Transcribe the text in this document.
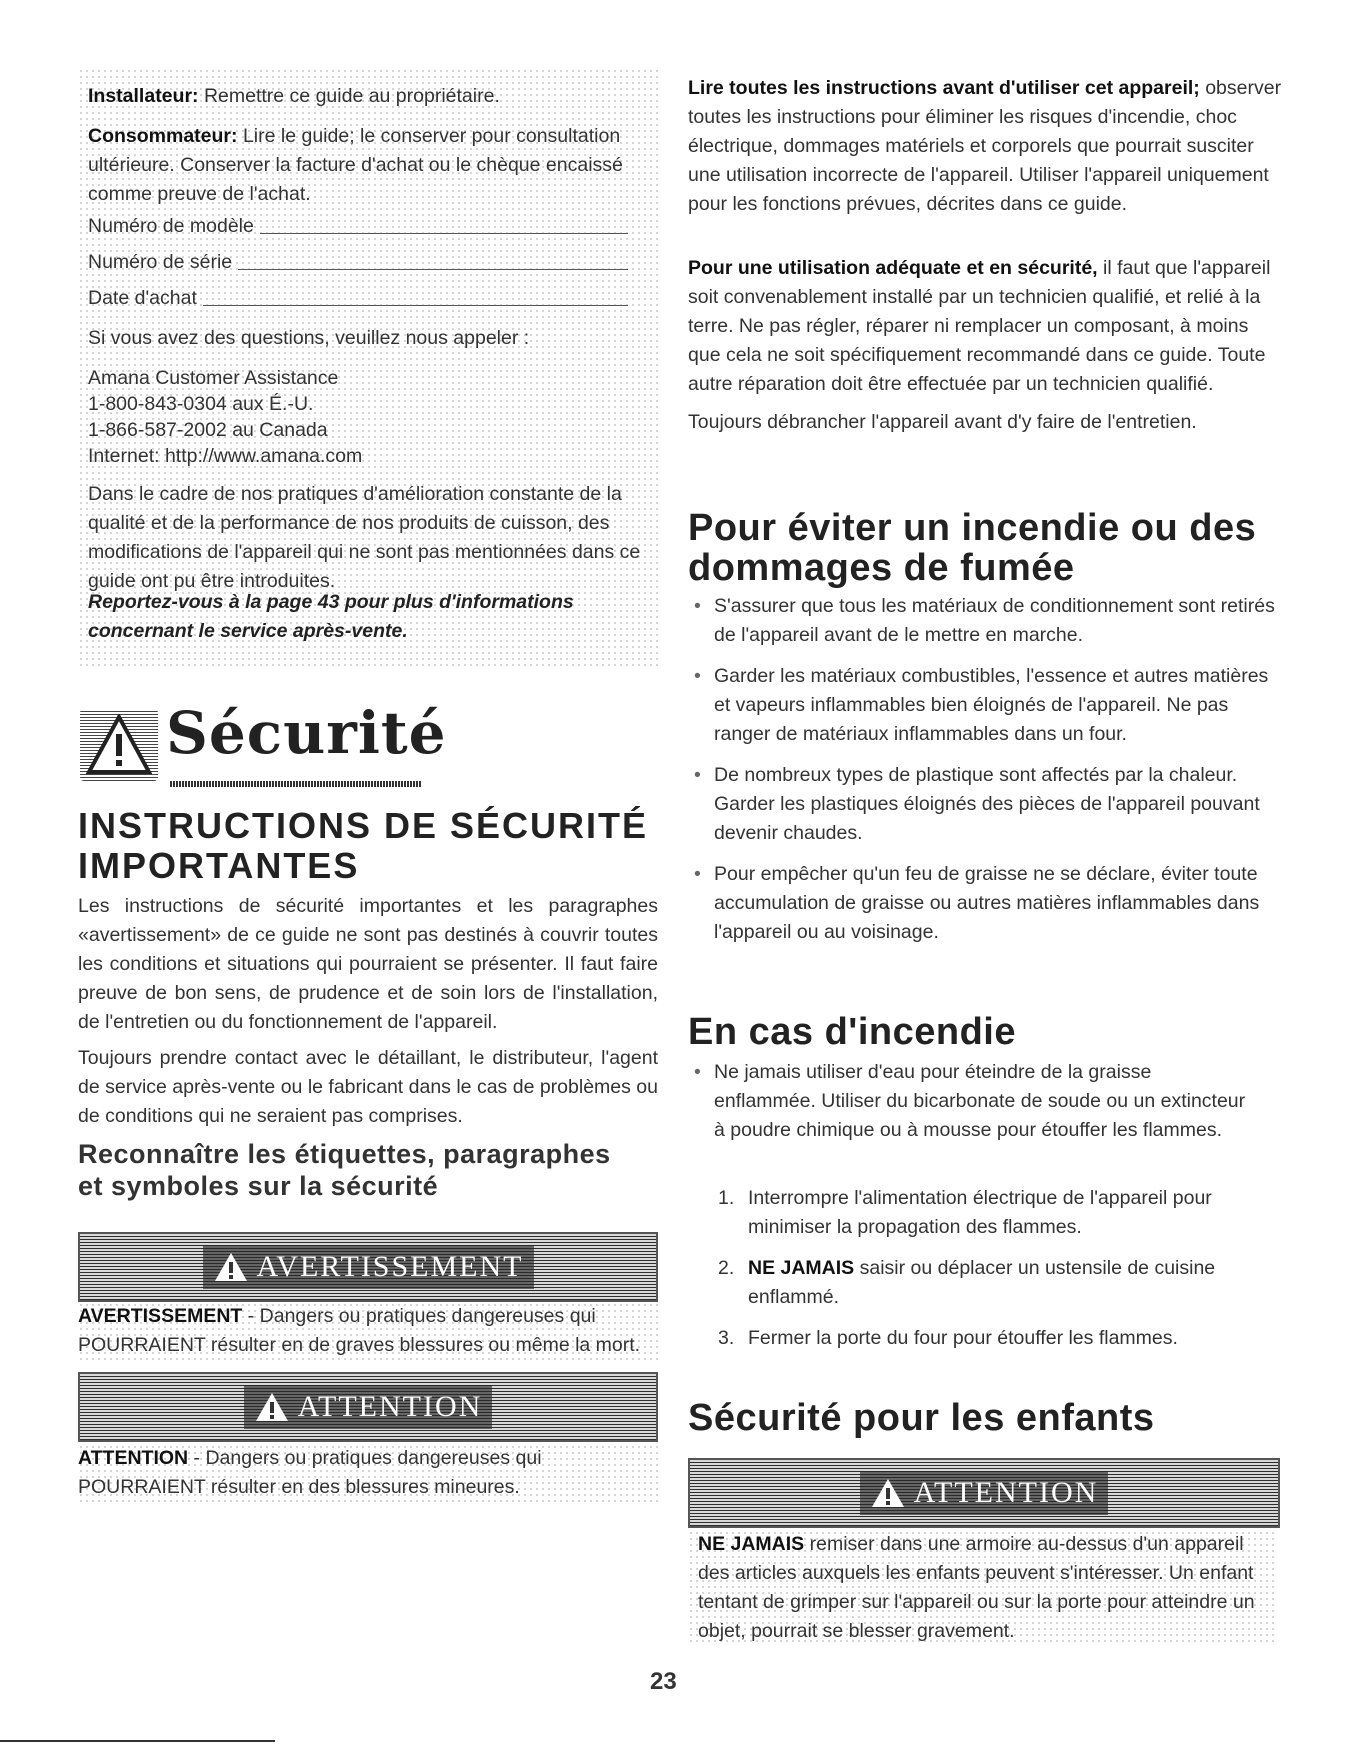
Installateur: Remettre ce guide au propriétaire.
Consommateur: Lire le guide; le conserver pour consultation ultérieure. Conserver la facture d'achat ou le chèque encaissé comme preuve de l'achat.
Numéro de modèle
Numéro de série
Date d'achat
Si vous avez des questions, veuillez nous appeler :
Amana Customer Assistance
1-800-843-0304 aux É.-U.
1-866-587-2002 au Canada
Internet: http://www.amana.com
Dans le cadre de nos pratiques d'amélioration constante de la qualité et de la performance de nos produits de cuisson, des modifications de l'appareil qui ne sont pas mentionnées dans ce guide ont pu être introduites.
Reportez-vous à la page 43 pour plus d'informations
concernant le service après-vente.
Sécurité
INSTRUCTIONS DE SÉCURITÉ
IMPORTANTES
Les instructions de sécurité importantes et les paragraphes «avertissement» de ce guide ne sont pas destinés à couvrir toutes les conditions et situations qui pourraient se présenter. Il faut faire preuve de bon sens, de prudence et de soin lors de l'installation, de l'entretien ou du fonctionnement de l'appareil.
Toujours prendre contact avec le détaillant, le distributeur, l'agent de service après-vente ou le fabricant dans le cas de problèmes ou de conditions qui ne seraient pas comprises.
Reconnaître les étiquettes, paragraphes
et symboles sur la sécurité
AVERTISSEMENT
AVERTISSEMENT - Dangers ou pratiques dangereuses qui POURRAIENT résulter en de graves blessures ou même la mort.
ATTENTION
ATTENTION - Dangers ou pratiques dangereuses qui POURRAIENT résulter en des blessures mineures.
Lire toutes les instructions avant d'utiliser cet appareil; observer toutes les instructions pour éliminer les risques d'incendie, choc électrique, dommages matériels et corporels que pourrait susciter une utilisation incorrecte de l'appareil. Utiliser l'appareil uniquement pour les fonctions prévues, décrites dans ce guide.
Pour une utilisation adéquate et en sécurité, il faut que l'appareil soit convenablement installé par un technicien qualifié, et relié à la terre. Ne pas régler, réparer ni remplacer un composant, à moins que cela ne soit spécifiquement recommandé dans ce guide. Toute autre réparation doit être effectuée par un technicien qualifié.
Toujours débrancher l'appareil avant d'y faire de l'entretien.
Pour éviter un incendie ou des
dommages de fumée
• S'assurer que tous les matériaux de conditionnement sont retirés de l'appareil avant de le mettre en marche.
• Garder les matériaux combustibles, l'essence et autres matières et vapeurs inflammables bien éloignés de l'appareil. Ne pas ranger de matériaux inflammables dans un four.
• De nombreux types de plastique sont affectés par la chaleur. Garder les plastiques éloignés des pièces de l'appareil pouvant devenir chaudes.
• Pour empêcher qu'un feu de graisse ne se déclare, éviter toute accumulation de graisse ou autres matières inflammables dans l'appareil ou au voisinage.
En cas d'incendie
• Ne jamais utiliser d'eau pour éteindre de la graisse enflammée. Utiliser du bicarbonate de soude ou un extincteur à poudre chimique ou à mousse pour étouffer les flammes.
1. Interrompre l'alimentation électrique de l'appareil pour minimiser la propagation des flammes.
2. NE JAMAIS saisir ou déplacer un ustensile de cuisine enflammé.
3. Fermer la porte du four pour étouffer les flammes.
Sécurité pour les enfants
ATTENTION
NE JAMAIS remiser dans une armoire au-dessus d'un appareil des articles auxquels les enfants peuvent s'intéresser. Un enfant tentant de grimper sur l'appareil ou sur la porte pour atteindre un objet, pourrait se blesser gravement.
23
